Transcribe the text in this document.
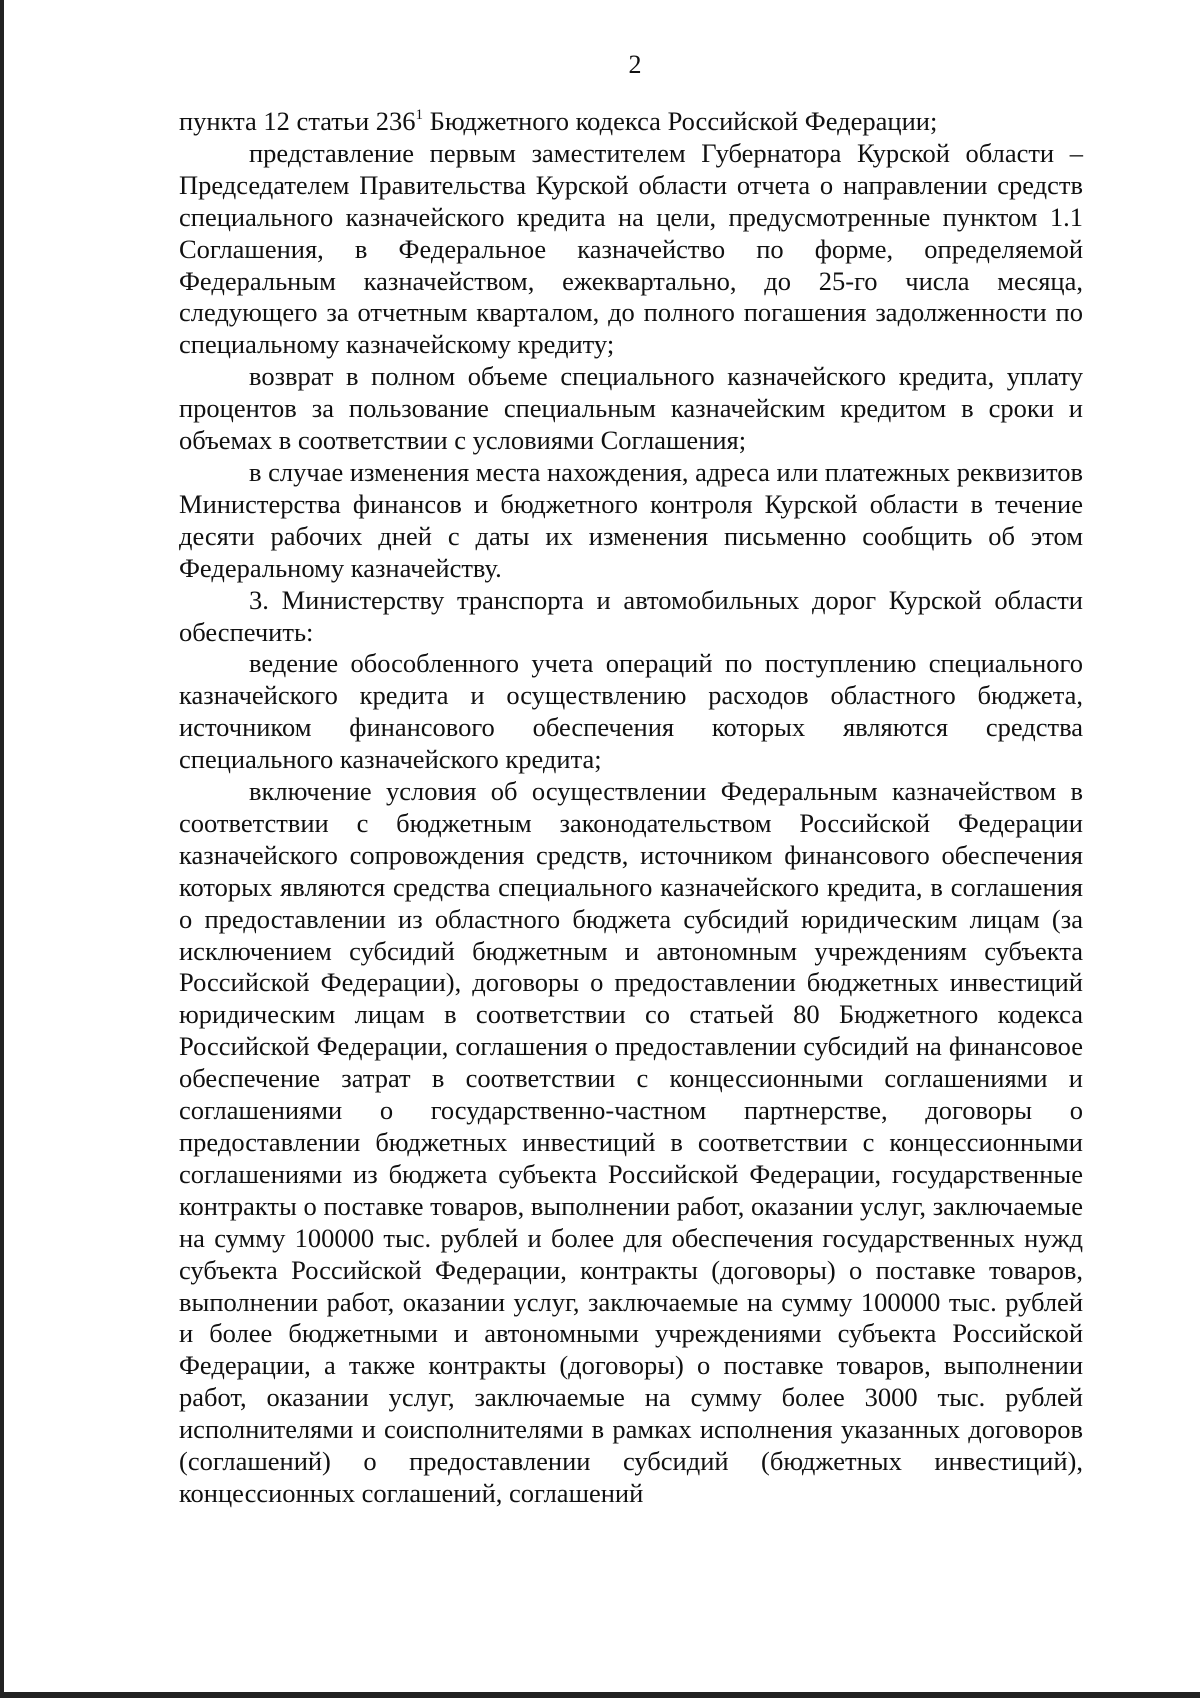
2

пункта 12 статьи $236^1$ Бюджетного кодекса Российской Федерации;

представление первым заместителем Губернатора Курской области – Председателем Правительства Курской области отчета о направлении средств специального казначейского кредита на цели, предусмотренные пунктом 1.1 Соглашения, в Федеральное казначейство по форме, определяемой Федеральным казначейством, ежеквартально, до 25-го числа месяца, следующего за отчетным кварталом, до полного погашения задолженности по специальному казначейскому кредиту;

возврат в полном объеме специального казначейского кредита, уплату процентов за пользование специальным казначейским кредитом в сроки и объемах в соответствии с условиями Соглашения;

в случае изменения места нахождения, адреса или платежных реквизитов Министерства финансов и бюджетного контроля Курской области в течение десяти рабочих дней с даты их изменения письменно сообщить об этом Федеральному казначейству.

3. Министерству транспорта и автомобильных дорог Курской области обеспечить:

ведение обособленного учета операций по поступлению специального казначейского кредита и осуществлению расходов областного бюджета, источником финансового обеспечения которых являются средства специального казначейского кредита;

включение условия об осуществлении Федеральным казначейством в соответствии с бюджетным законодательством Российской Федерации казначейского сопровождения средств, источником финансового обеспечения которых являются средства специального казначейского кредита, в соглашения о предоставлении из областного бюджета субсидий юридическим лицам (за исключением субсидий бюджетным и автономным учреждениям субъекта Российской Федерации), договоры о предоставлении бюджетных инвестиций юридическим лицам в соответствии со статьей 80 Бюджетного кодекса Российской Федерации, соглашения о предоставлении субсидий на финансовое обеспечение затрат в соответствии с концессионными соглашениями и соглашениями о государственно-частном партнерстве, договоры о предоставлении бюджетных инвестиций в соответствии с концессионными соглашениями из бюджета субъекта Российской Федерации, государственные контракты о поставке товаров, выполнении работ, оказании услуг, заключаемые на сумму 100000 тыс. рублей и более для обеспечения государственных нужд субъекта Российской Федерации, контракты (договоры) о поставке товаров, выполнении работ, оказании услуг, заключаемые на сумму 100000 тыс. рублей и более бюджетными и автономными учреждениями субъекта Российской Федерации, а также контракты (договоры) о поставке товаров, выполнении работ, оказании услуг, заключаемые на сумму более 3000 тыс. рублей исполнителями и соисполнителями в рамках исполнения указанных договоров (соглашений) о предоставлении субсидий (бюджетных инвестиций), концессионных соглашений, соглашений
